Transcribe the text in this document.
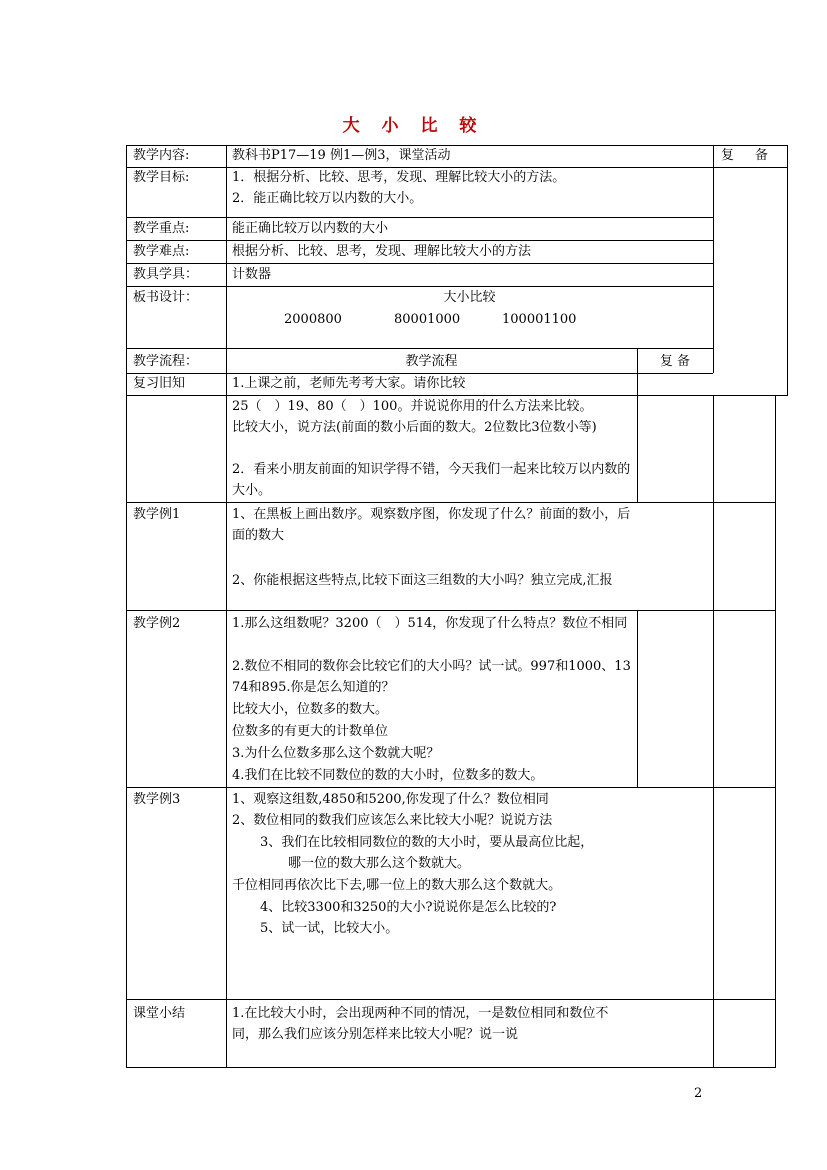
大 小 比 较
教学内容:	教科书P17—19 例1—例3，课堂活动	复　备
教学目标:	1．根据分析、比较、思考，发现、理解比较大小的方法。
2．能正确比较万以内数的大小。
教学重点:	能正确比较万以内数的大小
教学难点:	根据分析、比较、思考，发现、理解比较大小的方法
教具学具：	计数器
板书设计：	大小比较
2000800	80001000	100001100
教学流程：	教学流程	复 备
复习旧知	1.上课之前，老师先考考大家。请你比较
25（　）19、80（　）100。并说说你用的什么方法来比较。
比较大小，说方法(前面的数小后面的数大。2位数比3位数小等)
2．看来小朋友前面的知识学得不错，今天我们一起来比较万以内数的大小。
教学例1	1、在黑板上画出数序。观察数序图，你发现了什么？前面的数小，后面的数大
2、你能根据这些特点,比较下面这三组数的大小吗？独立完成,汇报
教学例2	1.那么这组数呢？3200（　）514，你发现了什么特点？数位不相同
2.数位不相同的数你会比较它们的大小吗？试一试。997和1000、1374和895.你是怎么知道的？
比较大小，位数多的数大。
位数多的有更大的计数单位
3.为什么位数多那么这个数就大呢？
4.我们在比较不同数位的数的大小时，位数多的数大。
教学例3	1、观察这组数,4850和5200,你发现了什么？数位相同
2、数位相同的数我们应该怎么来比较大小呢？说说方法
3、我们在比较相同数位的数的大小时，要从最高位比起，
哪一位的数大那么这个数就大。
千位相同再依次比下去,哪一位上的数大那么这个数就大。
4、比较3300和3250的大小?说说你是怎么比较的?
5、试一试，比较大小。
课堂小结	1.在比较大小时，会出现两种不同的情况，一是数位相同和数位不同，那么我们应该分别怎样来比较大小呢？说一说
2
